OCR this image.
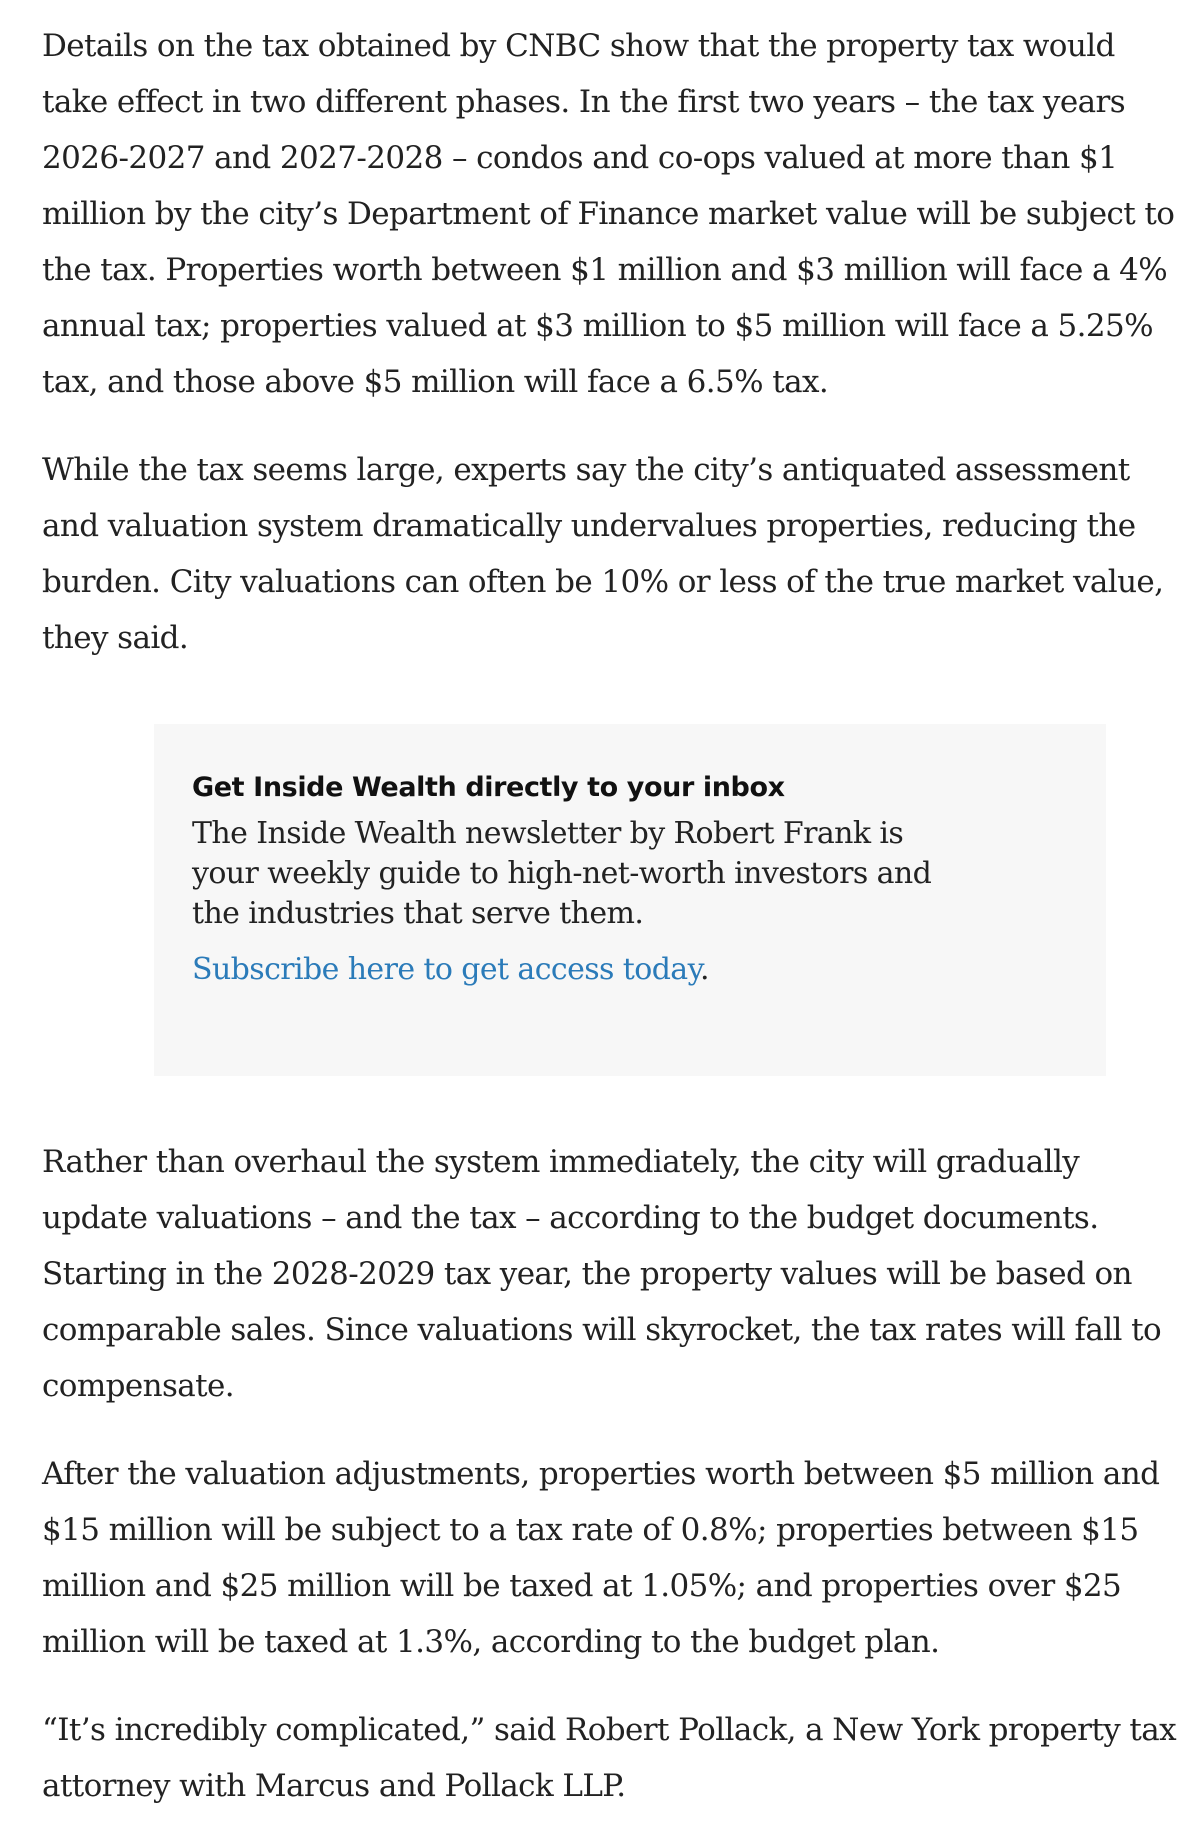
Details on the tax obtained by CNBC show that the property tax would take effect in two different phases. In the first two years – the tax years 2026-2027 and 2027-2028 – condos and co-ops valued at more than $1 million by the city’s Department of Finance market value will be subject to the tax. Properties worth between $1 million and $3 million will face a 4% annual tax; properties valued at $3 million to $5 million will face a 5.25% tax, and those above $5 million will face a 6.5% tax.

While the tax seems large, experts say the city’s antiquated assessment and valuation system dramatically undervalues properties, reducing the burden. City valuations can often be 10% or less of the true market value, they said.

Get Inside Wealth directly to your inbox

The Inside Wealth newsletter by Robert Frank is your weekly guide to high-net-worth investors and the industries that serve them.

Subscribe here to get access today.

Rather than overhaul the system immediately, the city will gradually update valuations – and the tax – according to the budget documents. Starting in the 2028-2029 tax year, the property values will be based on comparable sales. Since valuations will skyrocket, the tax rates will fall to compensate.

After the valuation adjustments, properties worth between $5 million and $15 million will be subject to a tax rate of 0.8%; properties between $15 million and $25 million will be taxed at 1.05%; and properties over $25 million will be taxed at 1.3%, according to the budget plan.

“It’s incredibly complicated,” said Robert Pollack, a New York property tax attorney with Marcus and Pollack LLP.
